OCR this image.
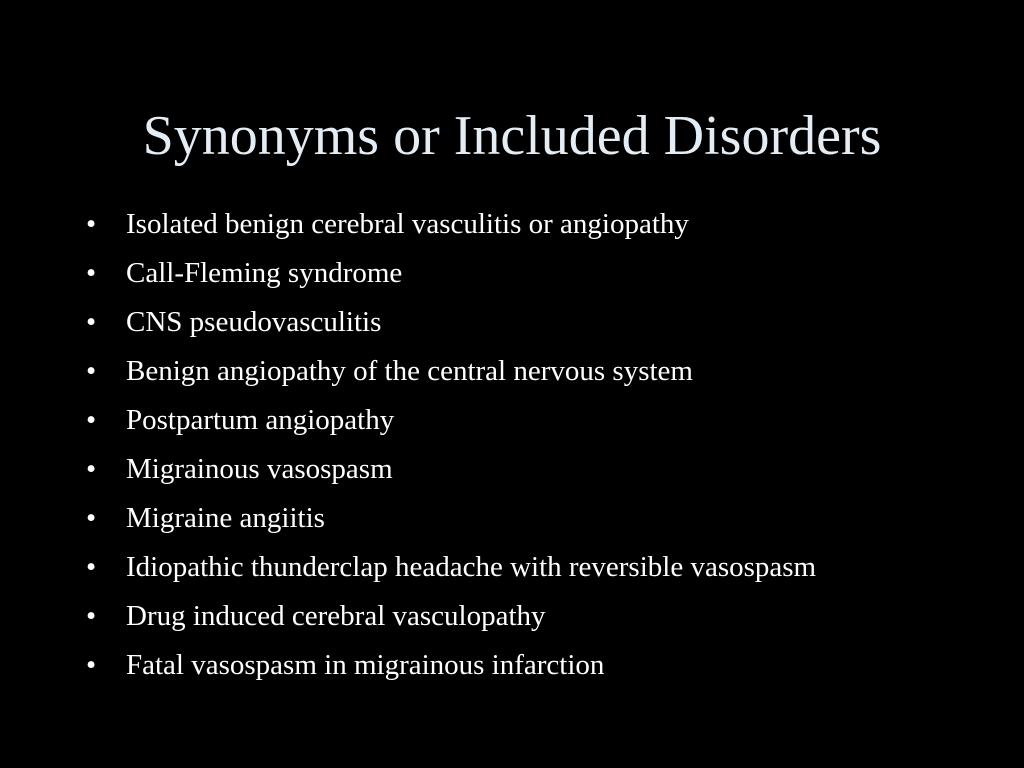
Synonyms or Included Disorders
•	Isolated benign cerebral vasculitis or angiopathy
•	Call-Fleming syndrome
•	CNS pseudovasculitis
•	Benign angiopathy of the central nervous system
•	Postpartum angiopathy
•	Migrainous vasospasm
•	Migraine angiitis
•	Idiopathic thunderclap headache with reversible vasospasm
•	Drug induced cerebral vasculopathy
•	Fatal vasospasm in migrainous infarction
